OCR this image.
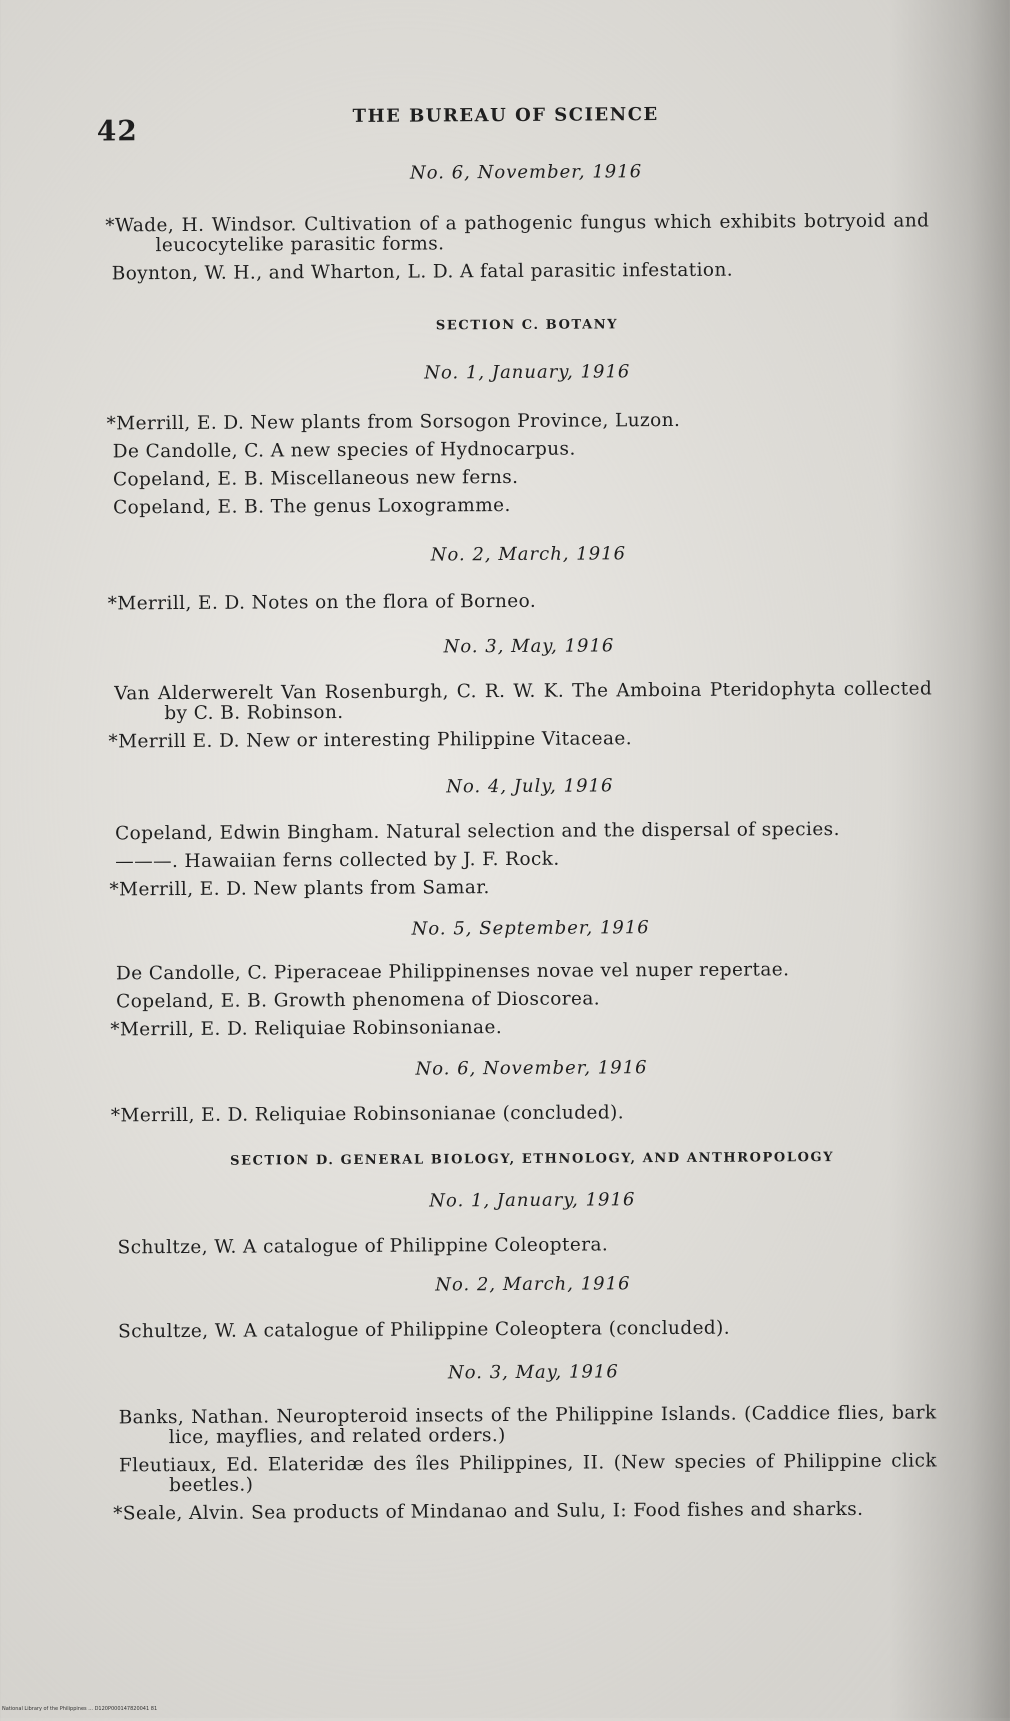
42	THE BUREAU OF SCIENCE
No. 6, November, 1916

*Wade, H. Windsor. Cultivation of a pathogenic fungus which exhibits botryoid and leucocytelike parasitic forms.

Boynton, W. H., and Wharton, L. D. A fatal parasitic infestation.

SECTION C. BOTANY
No. 1, January, 1916

*Merrill, E. D. New plants from Sorsogon Province, Luzon.

De Candolle, C. A new species of Hydnocarpus.

Copeland, E. B. Miscellaneous new ferns.

Copeland, E. B. The genus Loxogramme.

No. 2, March, 1916

*Merrill, E. D. Notes on the flora of Borneo.

No. 3, May, 1916

Van Alderwerelt Van Rosenburgh, C. R. W. K. The Amboina Pteridophyta collected by C. B. Robinson.

*Merrill E. D. New or interesting Philippine Vitaceae.

No. 4, July, 1916

Copeland, Edwin Bingham. Natural selection and the dispersal of species.

———. Hawaiian ferns collected by J. F. Rock.

*Merrill, E. D. New plants from Samar.

No. 5, September, 1916

De Candolle, C. Piperaceae Philippinenses novae vel nuper repertae.

Copeland, E. B. Growth phenomena of Dioscorea.

*Merrill, E. D. Reliquiae Robinsonianae.

No. 6, November, 1916

*Merrill, E. D. Reliquiae Robinsonianae (concluded).

SECTION D. GENERAL BIOLOGY, ETHNOLOGY, AND ANTHROPOLOGY
No. 1, January, 1916

Schultze, W. A catalogue of Philippine Coleoptera.

No. 2, March, 1916

Schultze, W. A catalogue of Philippine Coleoptera (concluded).

No. 3, May, 1916

Banks, Nathan. Neuropteroid insects of the Philippine Islands. (Caddice flies, bark lice, mayflies, and related orders.)

Fleutiaux, Ed. Elateridæ des îles Philippines, II. (New species of Philippine click beetles.)

*Seale, Alvin. Sea products of Mindanao and Sulu, I: Food fishes and sharks.

National Library of the Philippines ... D120P000147820041 81
